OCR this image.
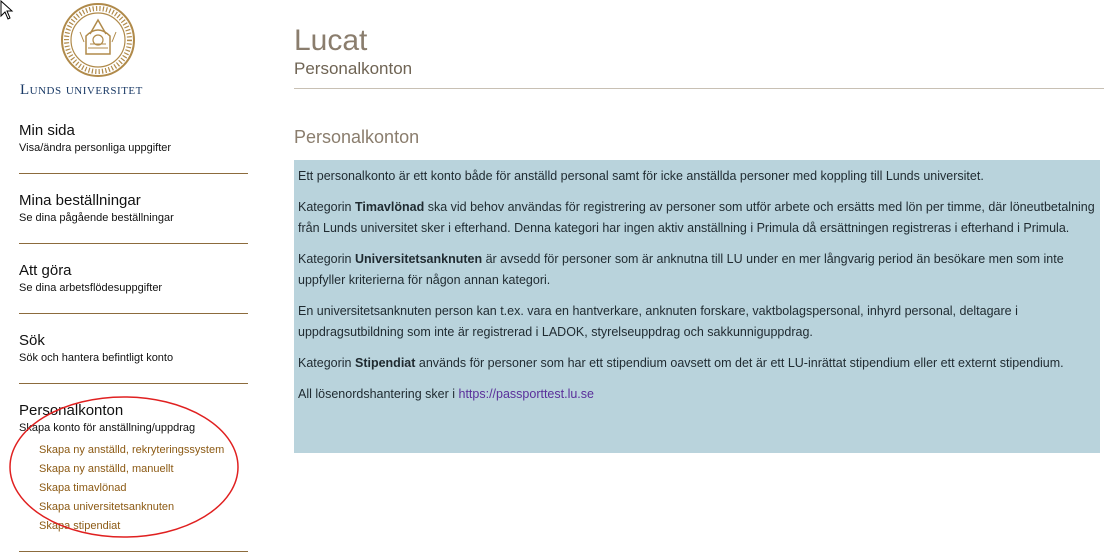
Lunds universitet
Min sida
Visa/ändra personliga uppgifter
Mina beställningar
Se dina pågående beställningar
Att göra
Se dina arbetsflödesuppgifter
Sök
Sök och hantera befintligt konto
Personalkonton
Skapa konto för anställning/uppdrag
Skapa ny anställd, rekryteringssystem
Skapa ny anställd, manuellt
Skapa timavlönad
Skapa universitetsanknuten
Skapa stipendiat
Lucat
Personalkonton
Personalkonton

Ett personalkonto är ett konto både för anställd personal samt för icke anställda personer med koppling till Lunds universitet.

Kategorin Timavlönad ska vid behov användas för registrering av personer som utför arbete och ersätts med lön per timme, där löneutbetalning från Lunds universitet sker i efterhand. Denna kategori har ingen aktiv anställning i Primula då ersättningen registreras i efterhand i Primula.

Kategorin Universitetsanknuten är avsedd för personer som är anknutna till LU under en mer långvarig period än besökare men som inte uppfyller kriterierna för någon annan kategori.

En universitetsanknuten person kan t.ex. vara en hantverkare, anknuten forskare, vaktbolagspersonal, inhyrd personal, deltagare i uppdragsutbildning som inte är registrerad i LADOK, styrelseuppdrag och sakkunniguppdrag.

Kategorin Stipendiat används för personer som har ett stipendium oavsett om det är ett LU-inrättat stipendium eller ett externt stipendium.

All lösenordshantering sker i https://passporttest.lu.se
